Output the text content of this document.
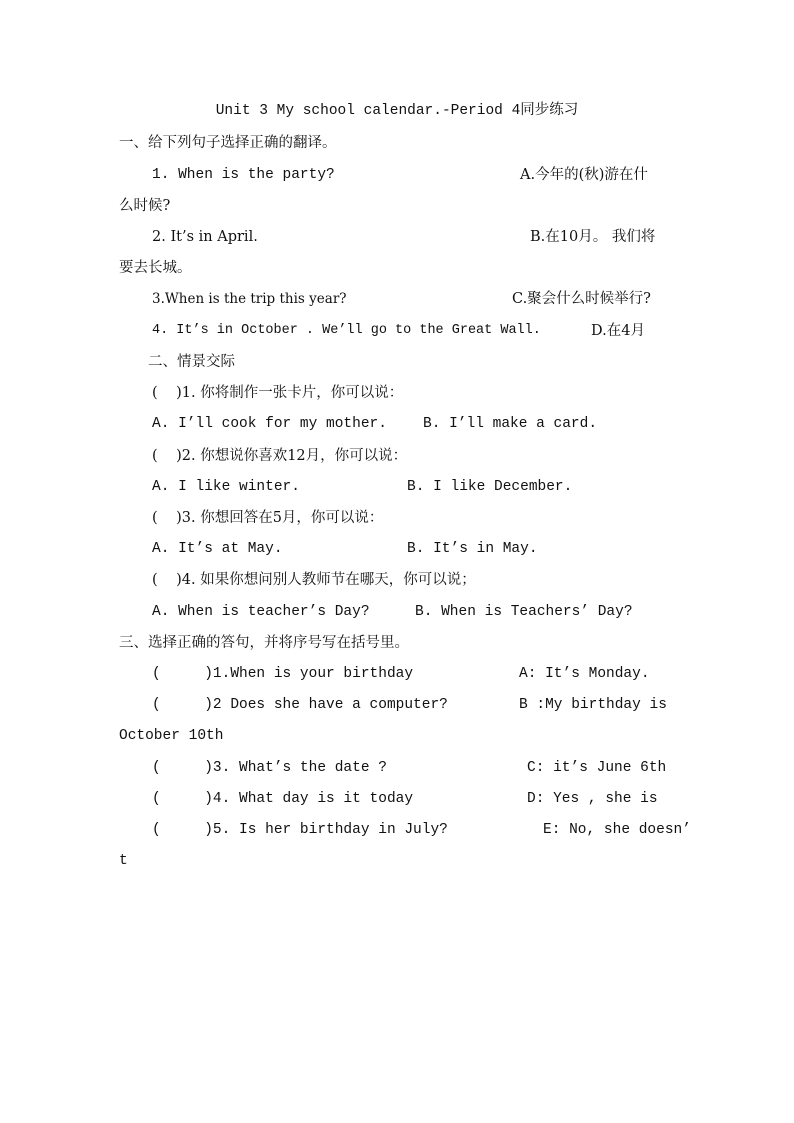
Unit 3 My school calendar.-Period 4同步练习
一、给下列句子选择正确的翻译。
1. When is the party?	A.今年的(秋)游在什
么时候?
2. It’s in April.	B.在10月。 我们将
要去长城。
3.When is the trip this year?	C.聚会什么时候举行?
4. It’s in October . We’ll go to the Great Wall.	D.在4月
二、情景交际
(    )1. 你将制作一张卡片，你可以说：
A. I’ll cook for my mother. B. I’ll make a card.
(    )2. 你想说你喜欢12月，你可以说：
A. I like winter.	B. I like December.
(    )3. 你想回答在5月，你可以说：
A. It’s at May.	B. It’s in May.
(    )4. 如果你想问别人教师节在哪天，你可以说；
A. When is teacher’s Day?	B. When is Teachers’ Day?
三、选择正确的答句，并将序号写在括号里。
(     )1.When is your birthday	A: It’s Monday.
(     )2 Does she have a computer?	B :My birthday is
October 10th
(     )3. What’s the date ?	C: it’s June 6th
(     )4. What day is it today	D: Yes , she is
(     )5. Is her birthday in July?	E: No, she doesn’
t
